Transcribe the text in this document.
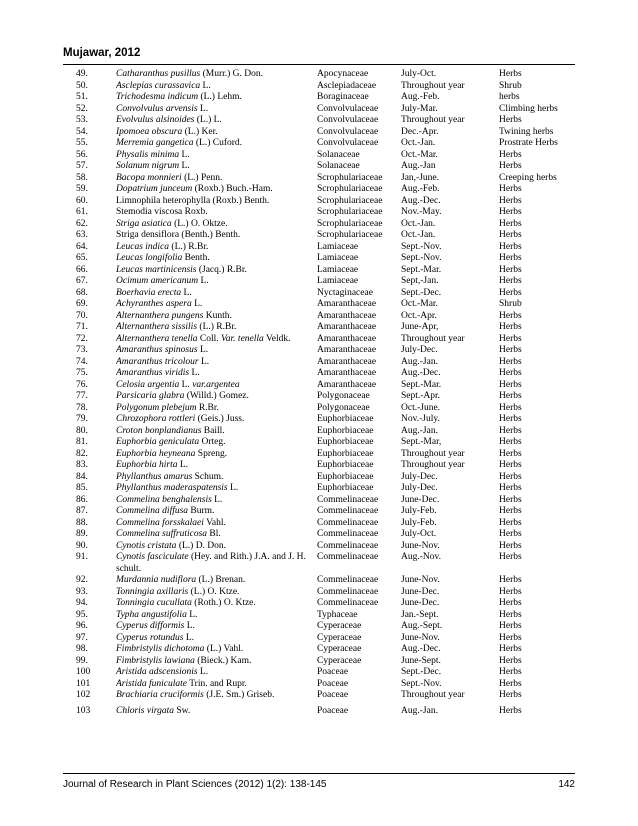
Mujawar, 2012
49.	Catharanthus pusillus (Murr.) G. Don.	Apocynaceae	July-Oct.	Herbs
50.	Asclepias curassavica L.	Asclepiadaceae	Throughout year	Shrub
51.	Trichodesma indicum (L.) Lehm.	Boraginaceae	Aug.-Feb.	herbs
52.	Convolvulus arvensis L.	Convolvulaceae	July-Mar.	Climbing herbs
53.	Evolvulus alsinoides (L.) L.	Convolvulaceae	Throughout year	Herbs
54.	Ipomoea obscura (L.) Ker.	Convolvulaceae	Dec.-Apr.	Twining herbs
55.	Merremia gangetica (L.) Cuford.	Convolvulaceae	Oct.-Jan.	Prostrate Herbs
56.	Physalis minima L.	Solanaceae	Oct.-Mar.	Herbs
57.	Solanum nigrum L.	Solanaceae	Aug.-Jan	Herbs
58.	Bacopa monnieri (L.) Penn.	Scrophulariaceae	Jan,-June.	Creeping herbs
59.	Dopatrium junceum (Roxb.) Buch.-Ham.	Scrophulariaceae	Aug.-Feb.	Herbs
60.	Limnophila heterophylla (Roxb.) Benth.	Scrophulariaceae	Aug.-Dec.	Herbs
61.	Stemodia viscosa Roxb.	Scrophulariaceae	Nov.-May.	Herbs
62.	Striga asiatica (L.) O. Oktze.	Scrophulariaceae	Oct.-Jan.	Herbs
63.	Striga densiflora (Benth.) Benth.	Scrophulariaceae	Oct.-Jan.	Herbs
64.	Leucas indica (L.) R.Br.	Lamiaceae	Sept.-Nov.	Herbs
65.	Leucas longifolia Benth.	Lamiaceae	Sept.-Nov.	Herbs
66.	Leucas martinicensis (Jacq.) R.Br.	Lamiaceae	Sept.-Mar.	Herbs
67.	Ocimum americanum L.	Lamiaceae	Sept,-Jan.	Herbs
68.	Boerhavia erecta L.	Nyctaginaceae	Sept.-Dec.	Herbs
69.	Achyranthes aspera L.	Amaranthaceae	Oct.-Mar.	Shrub
70.	Alternanthera pungens Kunth.	Amaranthaceae	Oct.-Apr.	Herbs
71.	Alternanthera sissilis (L.) R.Br.	Amaranthaceae	June-Apr,	Herbs
72.	Alternanthera tenella Coll. Var. tenella Veldk.	Amaranthaceae	Throughout year	Herbs
73.	Amaranthus spinosus L.	Amaranthaceae	July-Dec.	Herbs
74.	Amaranthus tricolour L.	Amaranthaceae	Aug.-Jan.	Herbs
75.	Amaranthus viridis L.	Amaranthaceae	Aug.-Dec.	Herbs
76.	Celosia argentia L. var.argentea	Amaranthaceae	Sept.-Mar.	Herbs
77.	Parsicaria glabra (Willd.) Gomez.	Polygonaceae	Sept.-Apr.	Herbs
78.	Polygonum plebejum R.Br.	Polygonaceae	Oct.-June.	Herbs
79.	Chrozophora rottleri (Geis.) Juss.	Euphorbiaceae	Nov.-July.	Herbs
80.	Croton bonplandianus Baill.	Euphorbiaceae	Aug.-Jan.	Herbs
81.	Euphorbia geniculata Orteg.	Euphorbiaceae	Sept.-Mar,	Herbs
82.	Euphorbia heyneana Spreng.	Euphorbiaceae	Throughout year	Herbs
83.	Euphorbia hirta L.	Euphorbiaceae	Throughout year	Herbs
84.	Phyllanthus amarus Schum.	Euphorbiaceae	July-Dec.	Herbs
85.	Phyllanthus maderaspatensis L.	Euphorbiaceae	July-Dec.	Herbs
86.	Commelina benghalensis L.	Commelinaceae	June-Dec.	Herbs
87.	Commelina diffusa Burm.	Commelinaceae	July-Feb.	Herbs
88.	Commelina forsskalaei Vahl.	Commelinaceae	July-Feb.	Herbs
89.	Commelina suffruticosa Bl.	Commelinaceae	July-Oct.	Herbs
90.	Cynotis cristata (L.) D. Don.	Commelinaceae	June-Nov.	Herbs
91.	Cynotis fasciculate (Hey. and Rith.) J.A. and J. H. schult.	Commelinaceae	Aug.-Nov.	Herbs
92.	Murdannia nudiflora (L.) Brenan.	Commelinaceae	June-Nov.	Herbs
93.	Tonningia axillaris (L.) O. Ktze.	Commelinaceae	June-Dec.	Herbs
94.	Tonningia cucullata (Roth.) O. Ktze.	Commelinaceae	June-Dec.	Herbs
95.	Typha angustifolia L.	Typhaceae	Jan.-Sept.	Herbs
96.	Cyperus difformis L.	Cyperaceae	Aug.-Sept.	Herbs
97.	Cyperus rotundus L.	Cyperaceae	June-Nov.	Herbs
98.	Fimbristylis dichotoma (L.) Vahl.	Cyperaceae	Aug.-Dec.	Herbs
99.	Fimbristylis lawiana (Bieck.) Kam.	Cyperaceae	June-Sept.	Herbs
100	Aristida adscensionis L.	Poaceae	Sept.-Dec.	Herbs
101	Aristida funiculate Trin. and Rupr.	Poaceae	Sept.-Nov.	Herbs
102	Brachiaria cruciformis (J.E. Sm.) Griseb.	Poaceae	Throughout year	Herbs
103	Chloris virgata Sw.	Poaceae	Aug.-Jan.	Herbs
Journal of Research in Plant Sciences (2012) 1(2): 138-145	142
